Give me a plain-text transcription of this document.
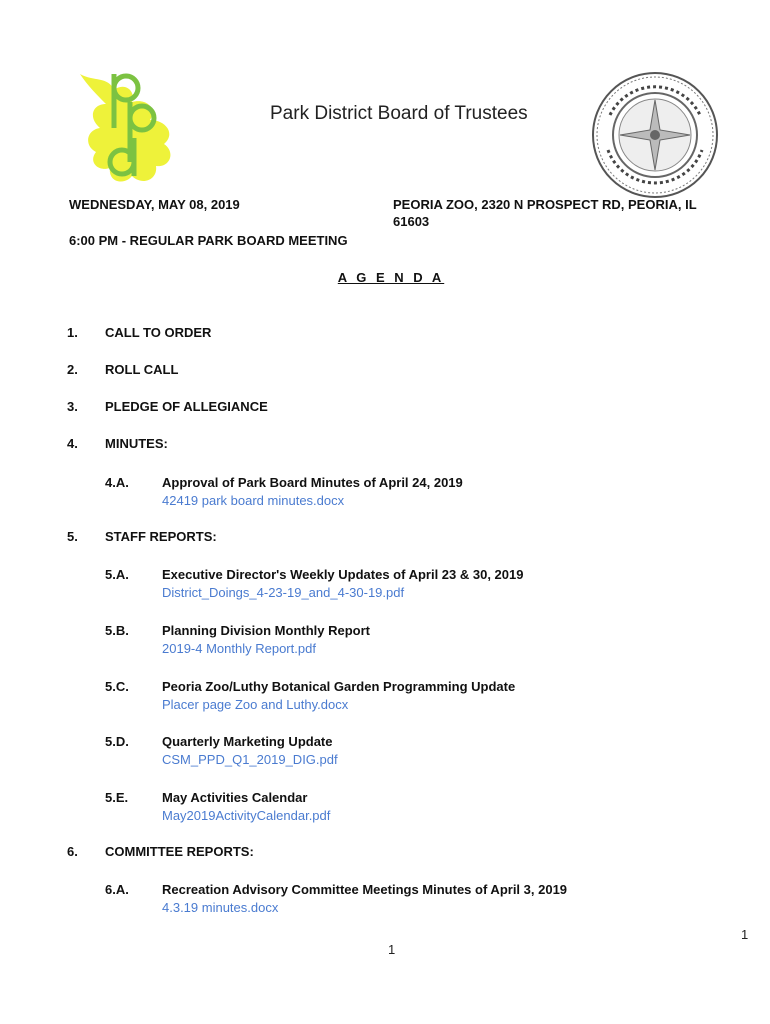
Park District Board of Trustees
WEDNESDAY, MAY 08, 2019	PEORIA ZOO, 2320 N PROSPECT RD, PEORIA, IL
61603
6:00 PM - REGULAR PARK BOARD MEETING
A G E N D A
1. CALL TO ORDER
2. ROLL CALL
3. PLEDGE OF ALLEGIANCE
4. MINUTES:
4.A.	Approval of Park Board Minutes of April 24, 2019
42419 park board minutes.docx
5. STAFF REPORTS:
5.A.	Executive Director's Weekly Updates of April 23 & 30, 2019
District_Doings_4-23-19_and_4-30-19.pdf
5.B.	Planning Division Monthly Report
2019-4 Monthly Report.pdf
5.C.	Peoria Zoo/Luthy Botanical Garden Programming Update
Placer page Zoo and Luthy.docx
5.D.	Quarterly Marketing Update
CSM_PPD_Q1_2019_DIG.pdf
5.E.	May Activities Calendar
May2019ActivityCalendar.pdf
6. COMMITTEE REPORTS:
6.A.	Recreation Advisory Committee Meetings Minutes of April 3, 2019
4.3.19 minutes.docx
1
1
